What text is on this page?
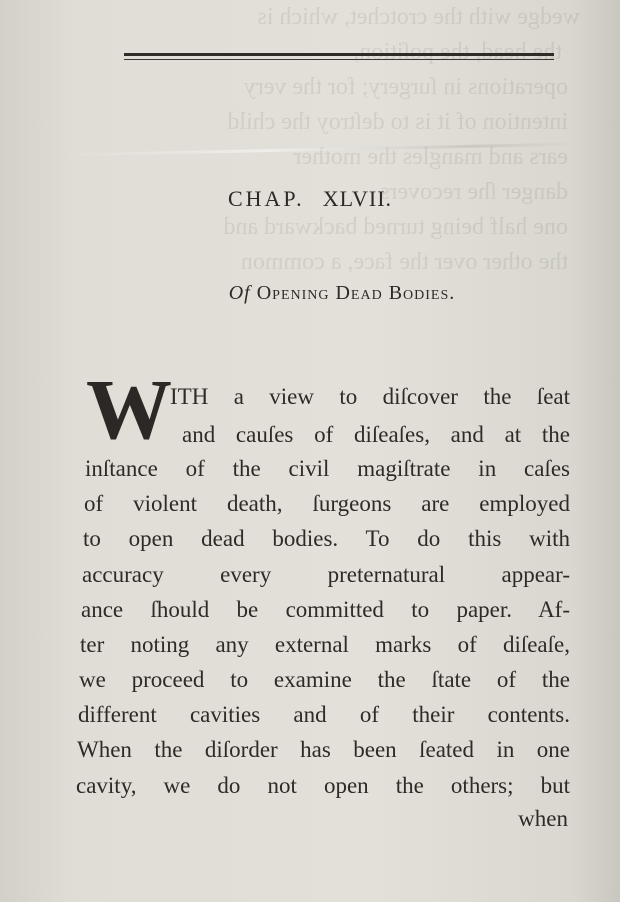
wedge with the crotchet, which is
the head, the poſition,
operations in ſurgery; for the very
intention of it is to deſtroy the child
ears and mangles the mother
danger ſhe recovers
one half being turned backward and
the other over the face, a common
CHAP. XLVII.
Of Opening Dead Bodies.
W
ITH a view to diſcover the ſeat
and cauſes of diſeaſes, and at the
inſtance of the civil magiſtrate in caſes
of violent death, ſurgeons are employed
to open dead bodies. To do this with
accuracy every preternatural appear-
ance ſhould be committed to paper. Af-
ter noting any external marks of diſeaſe,
we proceed to examine the ſtate of the
different cavities and of their contents.
When the diſorder has been ſeated in one
cavity, we do not open the others; but
when
